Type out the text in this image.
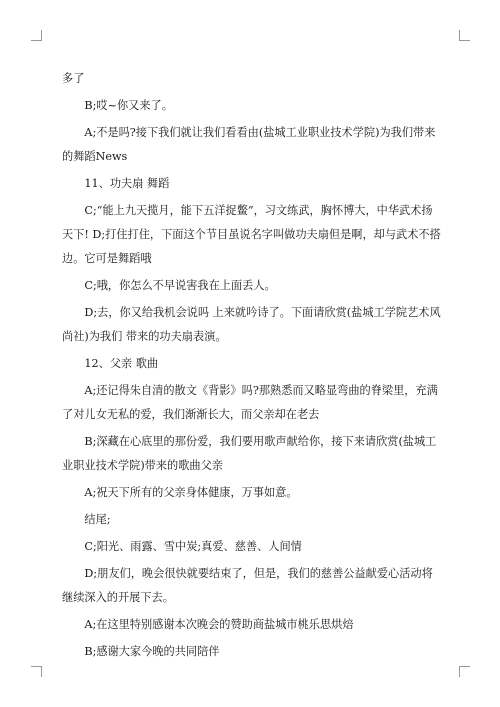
多了

B;哎~你又来了。

A;不是吗?接下我们就让我们看看由(盐城工业职业技术学院)为我们带来的舞蹈News

11、功夫扇 舞蹈

C;“能上九天揽月，能下五洋捉鳖”，习文练武，胸怀博大，中华武术扬天下! D;打住打住，下面这个节目虽说名字叫做功夫扇但是啊，却与武术不搭边。它可是舞蹈哦

C;哦，你怎么不早说害我在上面丢人。

D;去，你又给我机会说吗 上来就吟诗了。下面请欣赏(盐城工学院艺术风尚社)为我们 带来的功夫扇表演。

12、父亲 歌曲

A;还记得朱自清的散文《背影》吗?那熟悉而又略显弯曲的脊梁里，充满了对儿女无私的爱，我们渐渐长大，而父亲却在老去

B;深藏在心底里的那份爱，我们要用歌声献给你，接下来请欣赏(盐城工业职业技术学院)带来的歌曲父亲

A;祝天下所有的父亲身体健康，万事如意。

结尾;

C;阳光、雨露、雪中炭;真爱、慈善、人间情

D;朋友们，晚会很快就要结束了，但是，我们的慈善公益献爱心活动将继续深入的开展下去。

A;在这里特别感谢本次晚会的赞助商盐城市桃乐思烘焙

B;感谢大家今晚的共同陪伴
